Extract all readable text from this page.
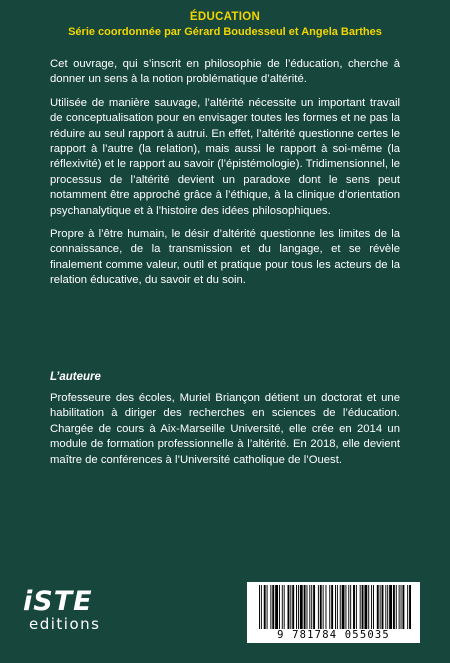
ÉDUCATION
Série coordonnée par Gérard Boudesseul et Angela Barthes

Cet ouvrage, qui s’inscrit en philosophie de l’éducation, cherche à donner un sens à la notion problématique d’altérité.

Utilisée de manière sauvage, l’altérité nécessite un important travail de conceptualisation pour en envisager toutes les formes et ne pas la réduire au seul rapport à autrui. En effet, l’altérité questionne certes le rapport à l’autre (la relation), mais aussi le rapport à soi-même (la réflexivité) et le rapport au savoir (l’épistémologie). Tridimensionnel, le processus de l’altérité devient un paradoxe dont le sens peut notamment être approché grâce à l’éthique, à la clinique d’orientation psychanalytique et à l’histoire des idées philosophiques.

Propre à l’être humain, le désir d’altérité questionne les limites de la connaissance, de la transmission et du langage, et se révèle finalement comme valeur, outil et pratique pour tous les acteurs de la relation éducative, du savoir et du soin.

L’auteure

Professeure des écoles, Muriel Briançon détient un doctorat et une habilitation à diriger des recherches en sciences de l’éducation. Chargée de cours à Aix-Marseille Université, elle crée en 2014 un module de formation professionnelle à l’altérité. En 2018, elle devient maître de conférences à l’Université catholique de l’Ouest.

iSTE
editions
9 781784 055035
